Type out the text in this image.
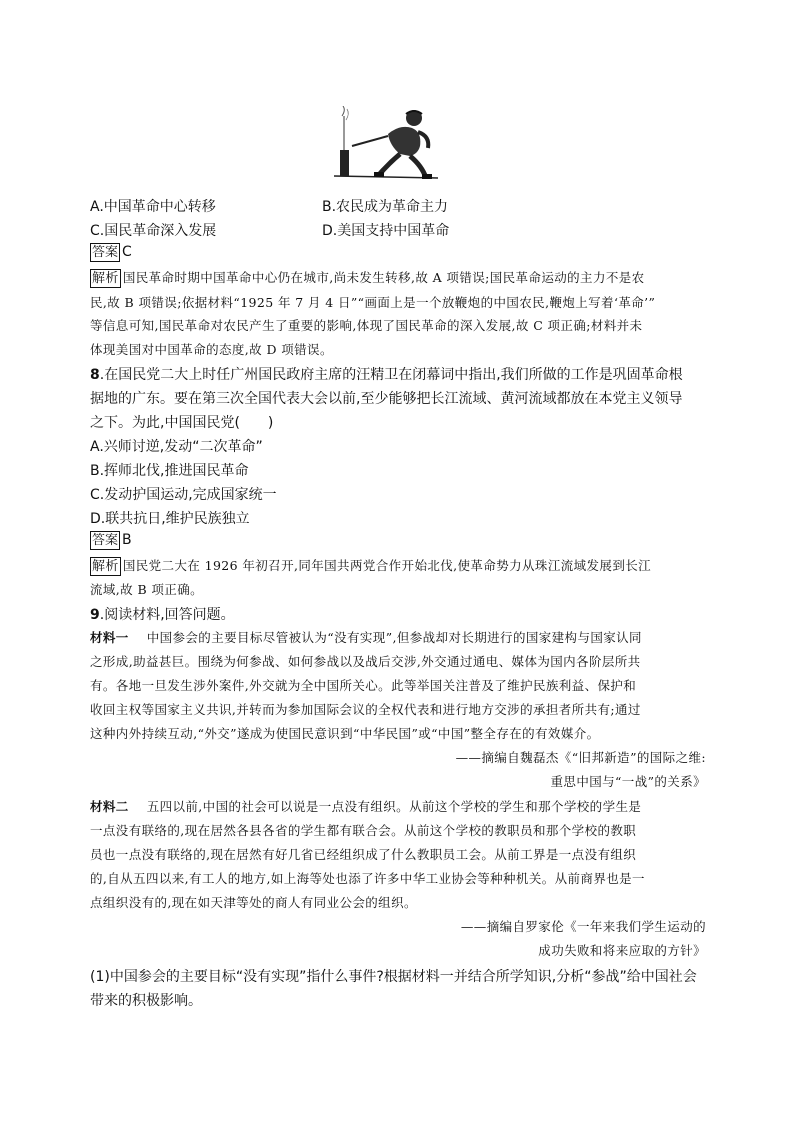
A.中国革命中心转移	B.农民成为革命主力
C.国民革命深入发展	D.美国支持中国革命
答案 C
解析 国民革命时期中国革命中心仍在城市,尚未发生转移,故 A 项错误;国民革命运动的主力不是农
民,故 B 项错误;依据材料“1925 年 7 月 4 日”“画面上是一个放鞭炮的中国农民,鞭炮上写着‘革命’”
等信息可知,国民革命对农民产生了重要的影响,体现了国民革命的深入发展,故 C 项正确;材料并未
体现美国对中国革命的态度,故 D 项错误。
8.在国民党二大上时任广州国民政府主席的汪精卫在闭幕词中指出,我们所做的工作是巩固革命根
据地的广东。要在第三次全国代表大会以前,至少能够把长江流域、黄河流域都放在本党主义领导
之下。为此,中国国民党(　　)
A.兴师讨逆,发动“二次革命”
B.挥师北伐,推进国民革命
C.发动护国运动,完成国家统一
D.联共抗日,维护民族独立
答案 B
解析 国民党二大在 1926 年初召开,同年国共两党合作开始北伐,使革命势力从珠江流域发展到长江
流域,故 B 项正确。
9.阅读材料,回答问题。
材料一 中国参会的主要目标尽管被认为“没有实现”,但参战却对长期进行的国家建构与国家认同
之形成,助益甚巨。围绕为何参战、如何参战以及战后交涉,外交通过通电、媒体为国内各阶层所共
有。各地一旦发生涉外案件,外交就为全中国所关心。此等举国关注普及了维护民族利益、保护和
收回主权等国家主义共识,并转而为参加国际会议的全权代表和进行地方交涉的承担者所共有;通过
这种内外持续互动,“外交”遂成为使国民意识到“中华民国”或“中国”整全存在的有效媒介。
——摘编自魏磊杰《“旧邦新造”的国际之维:
重思中国与“一战”的关系》
材料二 五四以前,中国的社会可以说是一点没有组织。从前这个学校的学生和那个学校的学生是
一点没有联络的,现在居然各县各省的学生都有联合会。从前这个学校的教职员和那个学校的教职
员也一点没有联络的,现在居然有好几省已经组织成了什么教职员工会。从前工界是一点没有组织
的,自从五四以来,有工人的地方,如上海等处也添了许多中华工业协会等种种机关。从前商界也是一
点组织没有的,现在如天津等处的商人有同业公会的组织。
——摘编自罗家伦《一年来我们学生运动的
成功失败和将来应取的方针》
(1)中国参会的主要目标“没有实现”指什么事件?根据材料一并结合所学知识,分析“参战”给中国社会
带来的积极影响。
